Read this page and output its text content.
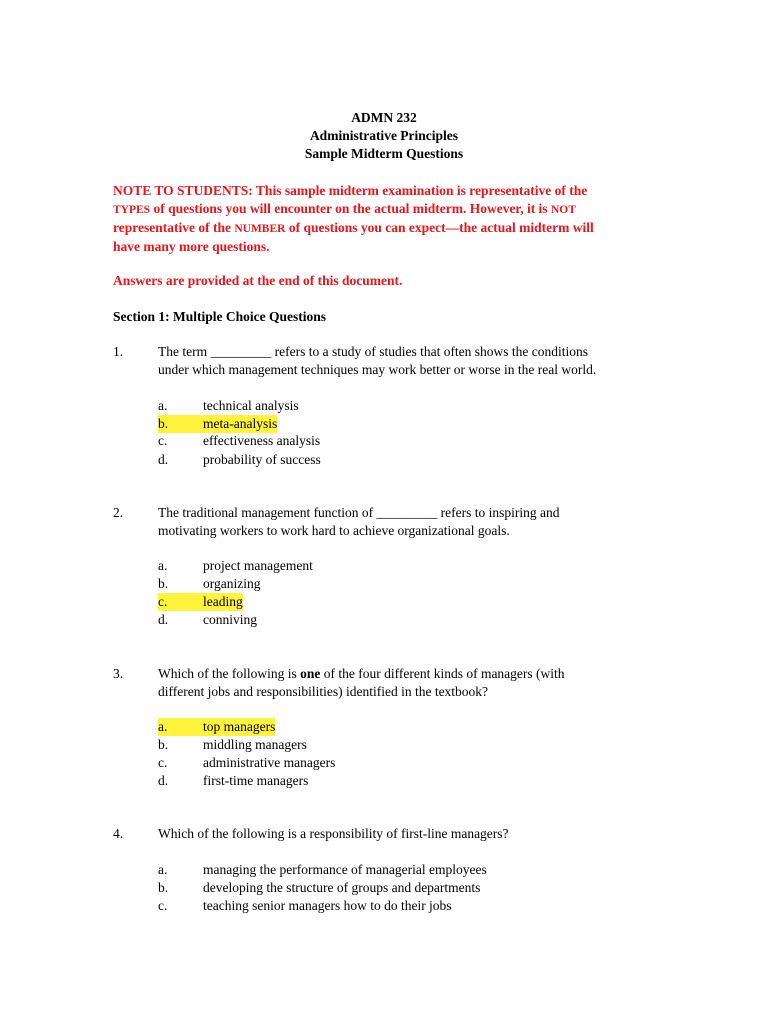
ADMN 232
Administrative Principles
Sample Midterm Questions
NOTE TO STUDENTS: This sample midterm examination is representative of the
TYPES of questions you will encounter on the actual midterm. However, it is NOT
representative of the NUMBER of questions you can expect—the actual midterm will
have many more questions.
Answers are provided at the end of this document.
Section 1: Multiple Choice Questions
1.	The term _________ refers to a study of studies that often shows the conditions
under which management techniques may work better or worse in the real world.
a.	technical analysis
b.	meta-analysis
c.	effectiveness analysis
d.	probability of success
2.	The traditional management function of _________ refers to inspiring and
motivating workers to work hard to achieve organizational goals.
a.	project management
b.	organizing
c.	leading
d.	conniving
3.	Which of the following is one of the four different kinds of managers (with
different jobs and responsibilities) identified in the textbook?
a.	top managers
b.	middling managers
c.	administrative managers
d.	first-time managers
4.	Which of the following is a responsibility of first-line managers?
a.	managing the performance of managerial employees
b.	developing the structure of groups and departments
c.	teaching senior managers how to do their jobs
